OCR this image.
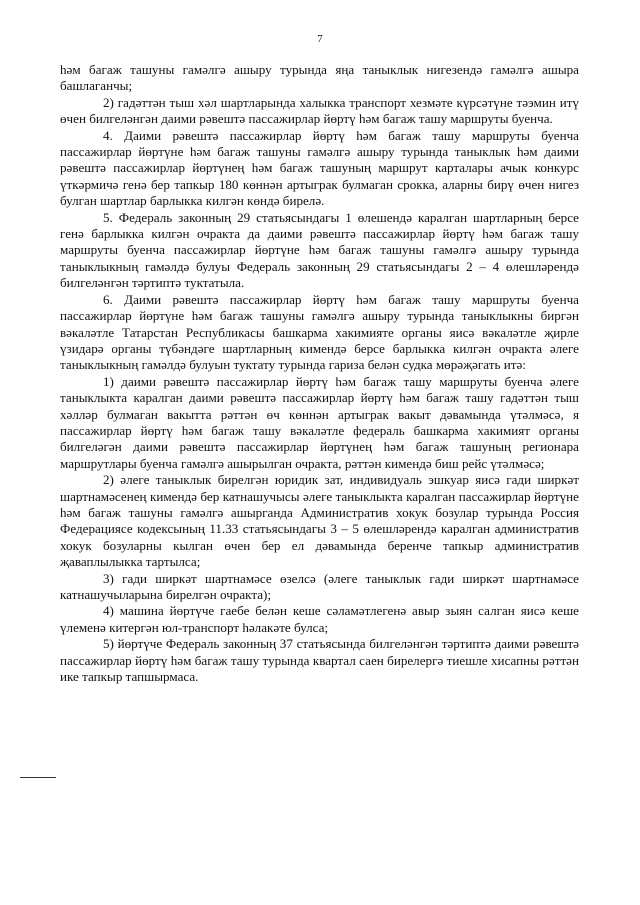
7

һәм багаж ташуны гамәлгә ашыру турында яңа таныклык нигезендә гамәлгә ашыра башлаганчы;

2) гадәттән тыш хәл шартларында халыкка транспорт хезмәте күрсәтүне тәэмин итү өчен билгеләнгән даими рәвештә пассажирлар йөртү һәм багаж ташу маршруты буенча.

4. Даими рәвештә пассажирлар йөртү һәм багаж ташу маршруты буенча пассажирлар йөртүне һәм багаж ташуны гамәлгә ашыру турында таныклык һәм даими рәвештә пассажирлар йөртүнең һәм багаж ташуның маршрут карталары ачык конкурс үткәрмичә генә бер тапкыр 180 көннән артыграк булмаган срокка, аларны бирү өчен нигез булган шартлар барлыкка килгән көндә бирелә.

5. Федераль законның 29 статьясындагы 1 өлешендә каралган шартларның берсе генә барлыкка килгән очракта да даими рәвештә пассажирлар йөртү һәм багаж ташу маршруты буенча пассажирлар йөртүне һәм багаж ташуны гамәлгә ашыру турында таныклыкның гамәлдә булуы Федераль законның 29 статьясындагы 2 – 4 өлешләрендә билгеләнгән тәртиптә туктатыла.

6. Даими рәвештә пассажирлар йөртү һәм багаж ташу маршруты буенча пассажирлар йөртүне һәм багаж ташуны гамәлгә ашыру турында таныклыкны биргән вәкаләтле Татарстан Республикасы башкарма хакимияте органы яисә вәкаләтле җирле үзидарә органы түбәндәге шартларның кимендә берсе барлыкка килгән очракта әлеге таныклыкның гамәлдә булуын туктату турында гариза белән судка мөрәҗәгать итә:

1) даими рәвештә пассажирлар йөртү һәм багаж ташу маршруты буенча әлеге таныклыкта каралган даими рәвештә пассажирлар йөртү һәм багаж ташу гадәттән тыш хәлләр булмаган вакытта рәттән өч көннән артыграк вакыт дәвамында үтәлмәсә, я пассажирлар йөртү һәм багаж ташу вәкаләтле федераль башкарма хакимият органы билгеләгән даими рәвештә пассажирлар йөртүнең һәм багаж ташуның регионара маршрутлары буенча гамәлгә ашырылган очракта, рәттән кимендә биш рейс үтәлмәсә;

2) әлеге таныклык бирелгән юридик зат, индивидуаль эшкуар яисә гади ширкәт шартнамәсенең кимендә бер катнашучысы әлеге таныклыкта каралган пассажирлар йөртүне һәм багаж ташуны гамәлгә ашырганда Административ хокук бозулар турында Россия Федерациясе кодексының 11.33 статьясындагы 3 – 5 өлешләрендә каралган административ хокук бозуларны кылган өчен бер ел дәвамында беренче тапкыр административ җаваплылыкка тартылса;

3) гади ширкәт шартнамәсе өзелсә (әлеге таныклык гади ширкәт шартнамәсе катнашучыларына бирелгән очракта);

4) машина йөртүче гаебе белән кеше сәламәтлегенә авыр зыян салган яисә кеше үлеменә китергән юл-транспорт һәлакәте булса;

5) йөртүче Федераль законның 37 статьясында билгеләнгән тәртиптә даими рәвештә пассажирлар йөртү һәм багаж ташу турында квартал саен бирелергә тиешле хисапны рәттән ике тапкыр тапшырмаса.
